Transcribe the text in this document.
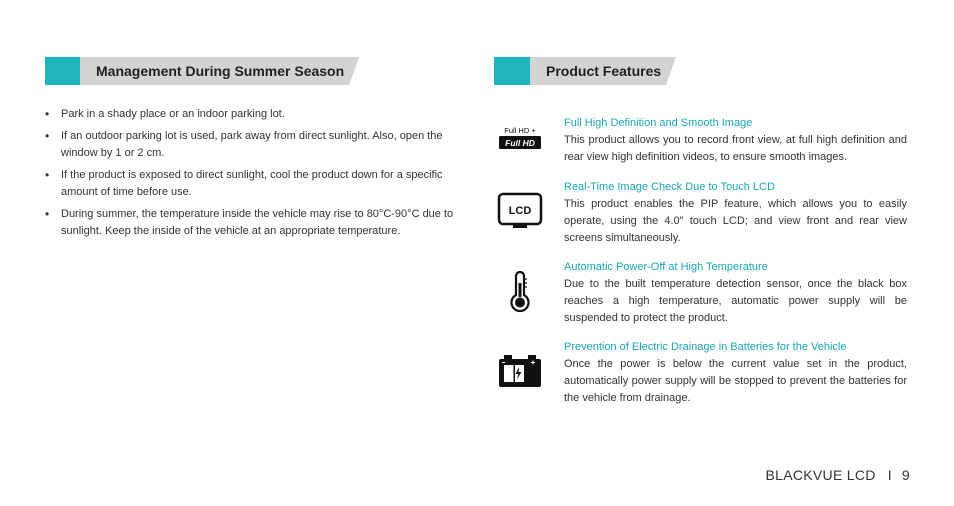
Management During Summer Season	Product Features
• Park in a shady place or an indoor parking lot.
• If an outdoor parking lot is used, park away from direct sunlight. Also, open the window by 1 or 2 cm.
• If the product is exposed to direct sunlight, cool the product down for a specific amount of time before use.
• During summer, the temperature inside the vehicle may rise to 80°C-90°C due to sunlight. Keep the inside of the vehicle at an appropriate temperature.
Full HD +
Full HD
Full High Definition and Smooth Image
This product allows you to record front view, at full high definition and rear view high definition videos, to ensure smooth images.
LCD
Real-Time Image Check Due to Touch LCD
This product enables the PIP feature, which allows you to easily operate, using the 4.0" touch LCD; and view front and rear view screens simultaneously.
Automatic Power-Off at High Temperature
Due to the built temperature detection sensor, once the black box reaches a high temperature, automatic power supply will be suspended to protect the product.
Prevention of Electric Drainage in Batteries for the Vehicle
Once the power is below the current value set in the product, automatically power supply will be stopped to prevent the batteries for the vehicle from drainage.
BLACKVUE LCD I 9
